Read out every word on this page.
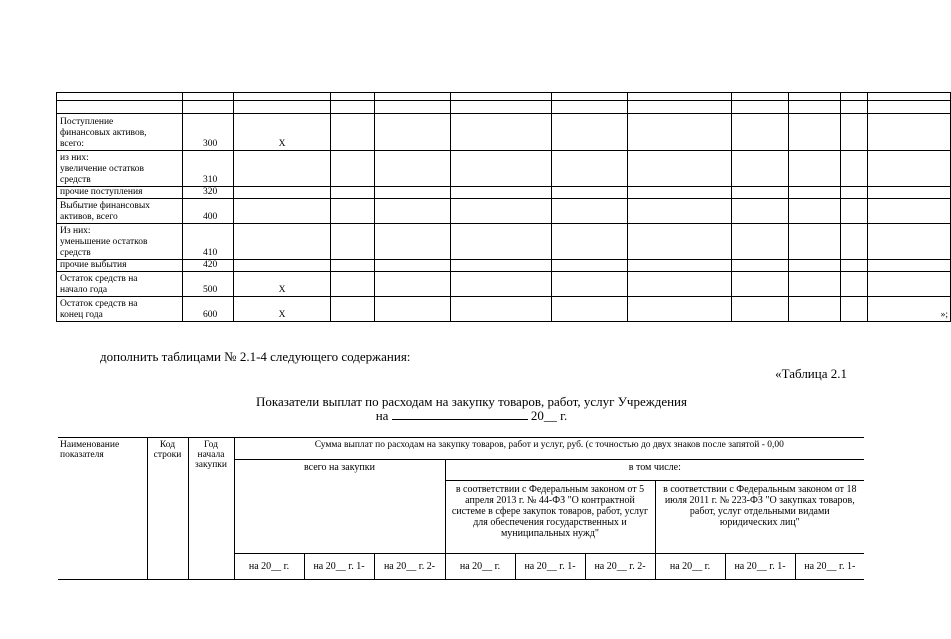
Поступление
финансовых активов,
всего:	300	X									

из них:
увеличение остатков
средств	310										

прочие поступления	320										

Выбытие финансовых
активов, всего	400										

Из них:
уменьшение остатков
средств	410										

прочие выбытия	420										

Остаток средств на
начало года	500	X									

Остаток средств на
конец года	600	X									»;
дополнить таблицами № 2.1-4 следующего содержания:
«Таблица 2.1
Показатели выплат по расходам на закупку товаров, работ, услуг Учреждения
на	20__ г.
Наименование показателя	Код строки	Год начала закупки	Сумма выплат по расходам на закупку товаров, работ и услуг, руб. (с точностью до двух знаков после запятой - 0,00								
			всего на закупки			в том числе:					
						в соответствии с Федеральным законом от 5 апреля 2013 г. № 44-ФЗ "О контрактной системе в сфере закупок товаров, работ, услуг для обеспечения государственных и муниципальных нужд"			в соответствии с Федеральным законом от 18 июля 2011 г. № 223-ФЗ "О закупках товаров, работ, услуг отдельными видами юридических лиц"		
			на 20__ г.	на 20__ г. 1-	на 20__ г. 2-	на 20__ г.	на 20__ г. 1-	на 20__ г. 2-	на 20__ г.	на 20__ г. 1-	на 20__ г. 1-
